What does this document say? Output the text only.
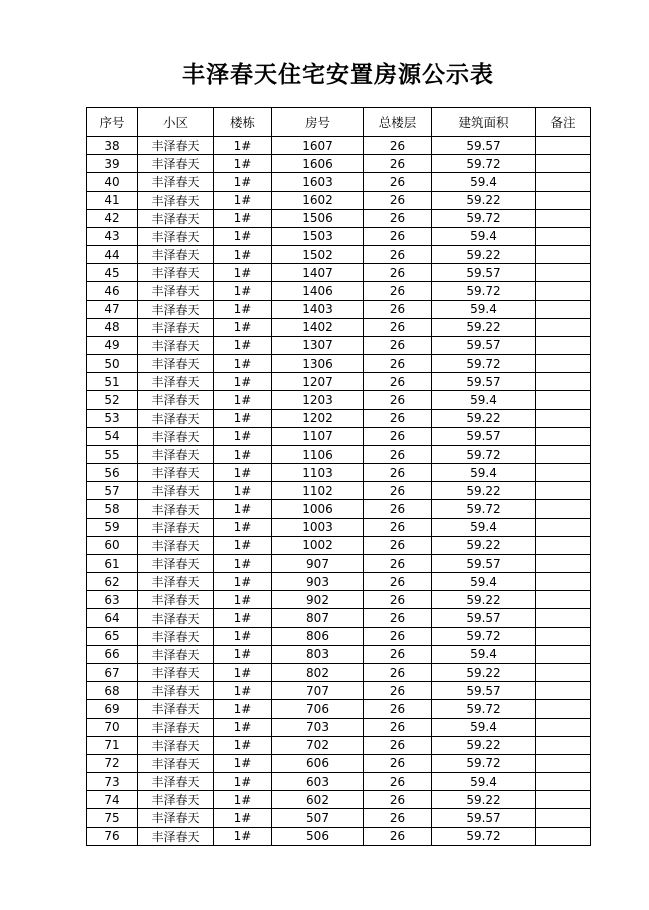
丰泽春天住宅安置房源公示表
序号	小区	楼栋	房号	总楼层	建筑面积	备注
38	丰泽春天	1#	1607	26	59.57	
39	丰泽春天	1#	1606	26	59.72	
40	丰泽春天	1#	1603	26	59.4	
41	丰泽春天	1#	1602	26	59.22	
42	丰泽春天	1#	1506	26	59.72	
43	丰泽春天	1#	1503	26	59.4	
44	丰泽春天	1#	1502	26	59.22	
45	丰泽春天	1#	1407	26	59.57	
46	丰泽春天	1#	1406	26	59.72	
47	丰泽春天	1#	1403	26	59.4	
48	丰泽春天	1#	1402	26	59.22	
49	丰泽春天	1#	1307	26	59.57	
50	丰泽春天	1#	1306	26	59.72	
51	丰泽春天	1#	1207	26	59.57	
52	丰泽春天	1#	1203	26	59.4	
53	丰泽春天	1#	1202	26	59.22	
54	丰泽春天	1#	1107	26	59.57	
55	丰泽春天	1#	1106	26	59.72	
56	丰泽春天	1#	1103	26	59.4	
57	丰泽春天	1#	1102	26	59.22	
58	丰泽春天	1#	1006	26	59.72	
59	丰泽春天	1#	1003	26	59.4	
60	丰泽春天	1#	1002	26	59.22	
61	丰泽春天	1#	907	26	59.57	
62	丰泽春天	1#	903	26	59.4	
63	丰泽春天	1#	902	26	59.22	
64	丰泽春天	1#	807	26	59.57	
65	丰泽春天	1#	806	26	59.72	
66	丰泽春天	1#	803	26	59.4	
67	丰泽春天	1#	802	26	59.22	
68	丰泽春天	1#	707	26	59.57	
69	丰泽春天	1#	706	26	59.72	
70	丰泽春天	1#	703	26	59.4	
71	丰泽春天	1#	702	26	59.22	
72	丰泽春天	1#	606	26	59.72	
73	丰泽春天	1#	603	26	59.4	
74	丰泽春天	1#	602	26	59.22	
75	丰泽春天	1#	507	26	59.57	
76	丰泽春天	1#	506	26	59.72	
